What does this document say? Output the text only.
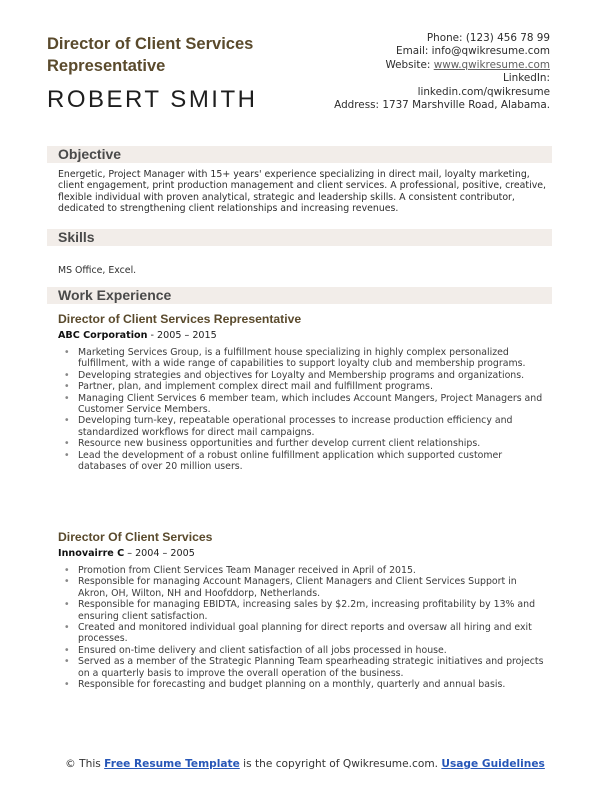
Director of Client Services Representative
ROBERT SMITH
Phone: (123) 456 78 99
Email: info@qwikresume.com
Website: www.qwikresume.com
LinkedIn:
linkedin.com/qwikresume
Address: 1737 Marshville Road, Alabama.
Objective
Energetic, Project Manager with 15+ years' experience specializing in direct mail, loyalty marketing, client engagement, print production management and client services. A professional, positive, creative, flexible individual with proven analytical, strategic and leadership skills. A consistent contributor, dedicated to strengthening client relationships and increasing revenues.
Skills
MS Office, Excel.
Work Experience
Director of Client Services Representative
ABC Corporation - 2005 – 2015
• Marketing Services Group, is a fulfillment house specializing in highly complex personalized fulfillment, with a wide range of capabilities to support loyalty club and membership programs.
• Developing strategies and objectives for Loyalty and Membership programs and organizations.
• Partner, plan, and implement complex direct mail and fulfillment programs.
• Managing Client Services 6 member team, which includes Account Mangers, Project Managers and Customer Service Members.
• Developing turn-key, repeatable operational processes to increase production efficiency and standardized workflows for direct mail campaigns.
• Resource new business opportunities and further develop current client relationships.
• Lead the development of a robust online fulfillment application which supported customer databases of over 20 million users.
Director Of Client Services
Innovairre C – 2004 – 2005
• Promotion from Client Services Team Manager received in April of 2015.
• Responsible for managing Account Managers, Client Managers and Client Services Support in Akron, OH, Wilton, NH and Hoofddorp, Netherlands.
• Responsible for managing EBIDTA, increasing sales by $2.2m, increasing profitability by 13% and ensuring client satisfaction.
• Created and monitored individual goal planning for direct reports and oversaw all hiring and exit processes.
• Ensured on-time delivery and client satisfaction of all jobs processed in house.
• Served as a member of the Strategic Planning Team spearheading strategic initiatives and projects on a quarterly basis to improve the overall operation of the business.
• Responsible for forecasting and budget planning on a monthly, quarterly and annual basis.
© This Free Resume Template is the copyright of Qwikresume.com. Usage Guidelines
